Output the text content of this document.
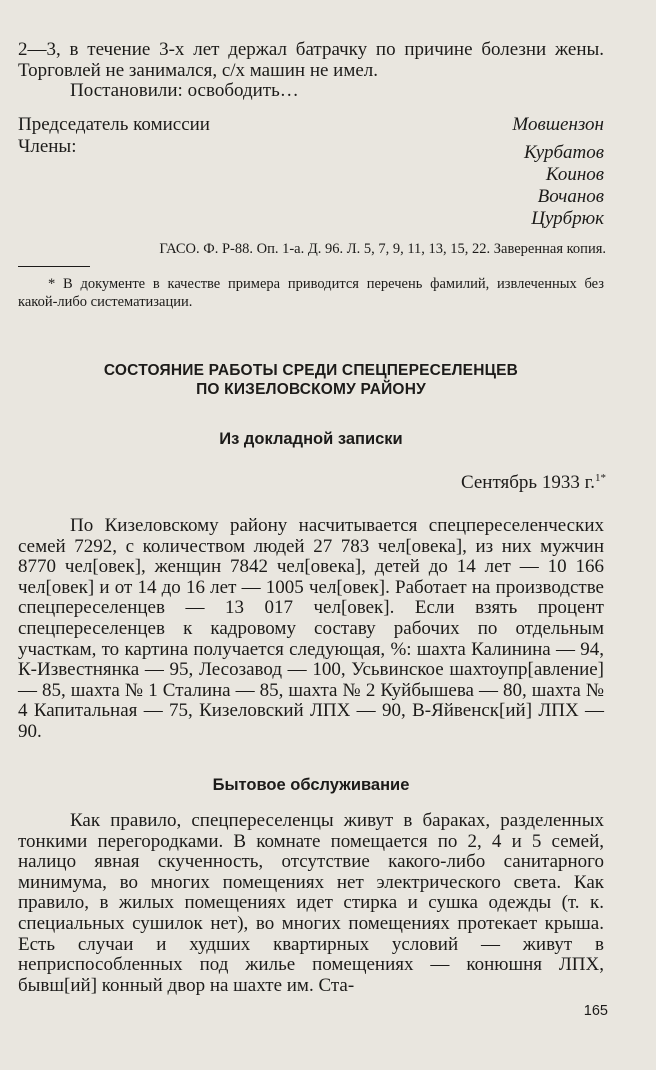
2—3, в течение 3-х лет держал батрачку по причине болезни жены. Торговлей не занимался, с/х машин не имел.

Постановили: освободить…

Председатель комиссии	Мовшензон
Члены:	Курбатов
Коинов
Вочанов
Цурбрюк
ГАСО. Ф. Р-88. Оп. 1-а. Д. 96. Л. 5, 7, 9, 11, 13, 15, 22. Заверенная копия.

* В документе в качестве примера приводится перечень фамилий, извлеченных без какой-либо систематизации.

СОСТОЯНИЕ РАБОТЫ СРЕДИ СПЕЦПЕРЕСЕЛЕНЦЕВ
ПО КИЗЕЛОВСКОМУ РАЙОНУ
Из докладной записки
Сентябрь 1933 г.$^{1*}$

По Кизеловскому району насчитывается спецпереселенческих семей 7292, с количеством людей 27 783 чел[овека], из них мужчин 8770 чел[овек], женщин 7842 чел[овека], детей до 14 лет — 10 166 чел[овек] и от 14 до 16 лет — 1005 чел[овек]. Работает на производстве спецпереселенцев — 13 017 чел[овек]. Если взять процент спецпереселенцев к кадровому составу рабочих по отдельным участкам, то картина получается следующая, %: шахта Калинина — 94, К-Известнянка — 95, Лесозавод — 100, Усьвинское шахтоупр[авление] — 85, шахта № 1 Сталина — 85, шахта № 2 Куйбышева — 80, шахта № 4 Капитальная — 75, Кизеловский ЛПХ — 90, В-Яйвенск[ий] ЛПХ — 90.

Бытовое обслуживание

Как правило, спецпереселенцы живут в бараках, разделенных тонкими перегородками. В комнате помещается по 2, 4 и 5 семей, налицо явная скученность, отсутствие какого-либо санитарного минимума, во многих помещениях нет электрического света. Как правило, в жилых помещениях идет стирка и сушка одежды (т. к. специальных сушилок нет), во многих помещениях протекает крыша. Есть случаи и худших квартирных условий — живут в неприспособленных под жилье помещениях — конюшня ЛПХ, бывш[ий] конный двор на шахте им. Ста-

165
